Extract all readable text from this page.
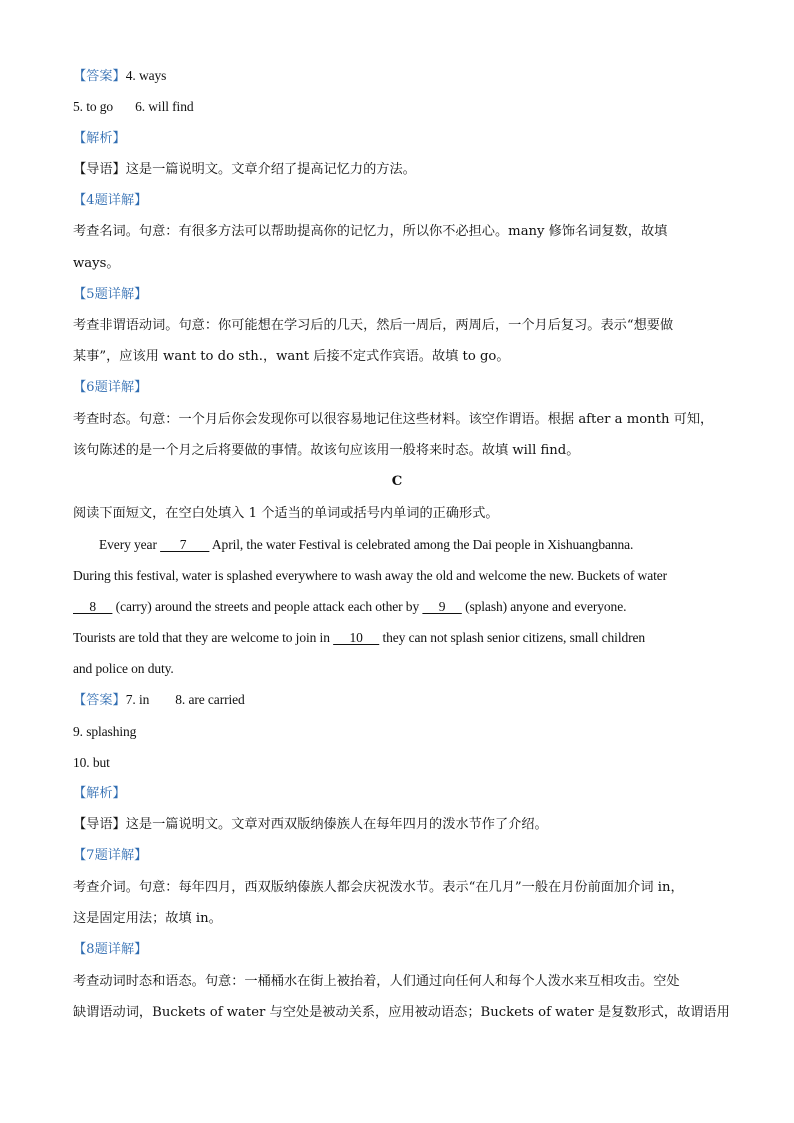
【答案】4. ways
5. to go 6. will find
【解析】
【导语】这是一篇说明文。文章介绍了提高记忆力的方法。
【4题详解】
考查名词。句意：有很多方法可以帮助提高你的记忆力，所以你不必担心。many 修饰名词复数，故填
ways。
【5题详解】
考查非谓语动词。句意：你可能想在学习后的几天，然后一周后，两周后，一个月后复习。表示“想要做
某事”，应该用 want to do sth.，want 后接不定式作宾语。故填 to go。
【6题详解】
考查时态。句意：一个月后你会发现你可以很容易地记住这些材料。该空作谓语。根据 after a month 可知，
该句陈述的是一个月之后将要做的事情。故该句应该用一般将来时态。故填 will find。
C
阅读下面短文，在空白处填入 1 个适当的单词或括号内单词的正确形式。
Every year       7        April, the water Festival is celebrated among the Dai people in Xishuangbanna.
During this festival, water is splashed everywhere to wash away the old and welcome the new. Buckets of water
8      (carry) around the streets and people attack each other by      9      (splash) anyone and everyone.
Tourists are told that they are welcome to join in      10      they can not splash senior citizens, small children
and police on duty.
【答案】7. in 8. are carried
9. splashing
10. but
【解析】
【导语】这是一篇说明文。文章对西双版纳傣族人在每年四月的泼水节作了介绍。
【7题详解】
考查介词。句意：每年四月，西双版纳傣族人都会庆祝泼水节。表示“在几月”一般在月份前面加介词 in，
这是固定用法；故填 in。
【8题详解】
考查动词时态和语态。句意：一桶桶水在街上被抬着，人们通过向任何人和每个人泼水来互相攻击。空处
缺谓语动词，Buckets of water 与空处是被动关系，应用被动语态；Buckets of water 是复数形式，故谓语用
